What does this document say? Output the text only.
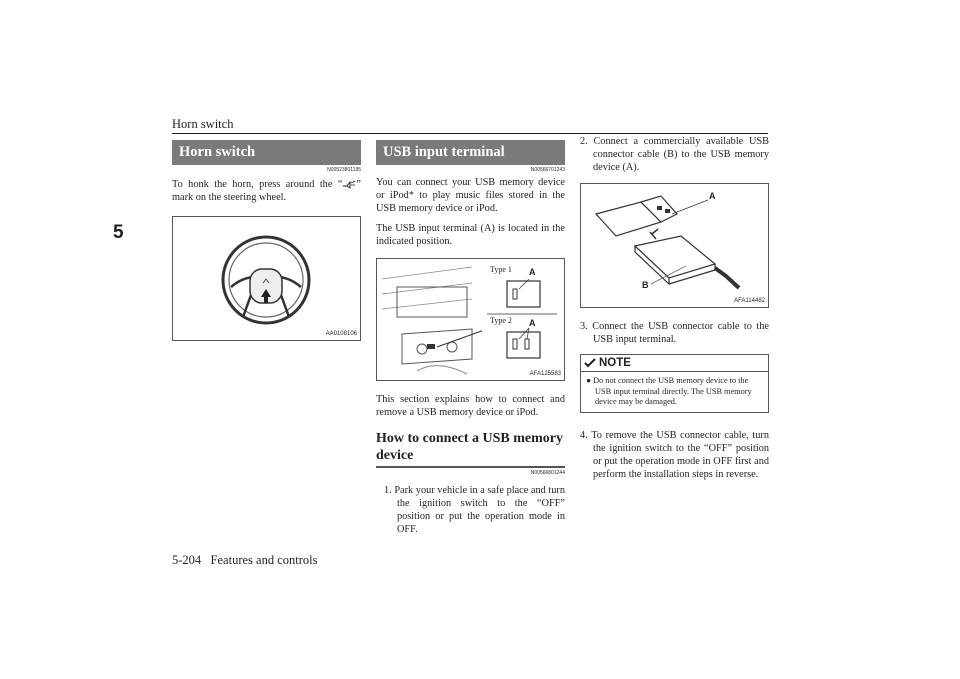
Horn switch
5
Horn switch
N00523801195

To honk the horn, press around the “ ” mark on the steering wheel.

AA0108106
USB input terminal
N00566701243

You can connect your USB memory device or iPod* to play music files stored in the USB memory device or iPod.

The USB input terminal (A) is located in the indicated position.

Type 1
Type 2
A
A
AFA125583

This section explains how to connect and remove a USB memory device or iPod.

How to connect a USB memory device
N00566801244
1. Park your vehicle in a safe place and turn the ignition switch to the “OFF” position or put the operation mode in OFF.
2. Connect a commercially available USB connector cable (B) to the USB memory device (A).
A
B
AFA114482
3. Connect the USB connector cable to the USB input terminal.
NOTE
● Do not connect the USB memory device to the USB input terminal directly. The USB memory device may be damaged.
4. To remove the USB connector cable, turn the ignition switch to the “OFF” position or put the operation mode in OFF first and perform the installation steps in reverse.
5-204 Features and controls
